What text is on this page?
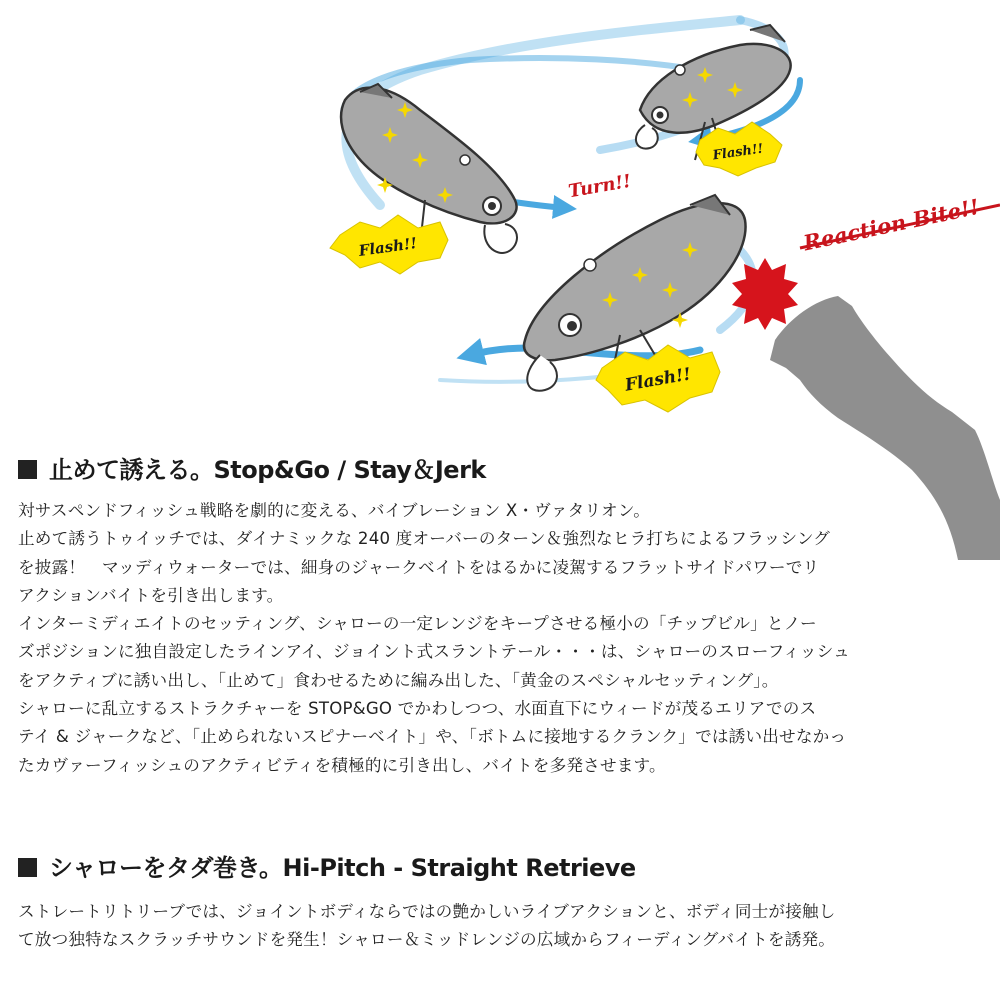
Flash!!
Flash!!
Flash!!
Turn!!
Reaction Bite!!
止めて誘える。Stop&Go / Stay＆Jerk

対サスペンドフィッシュ戦略を劇的に変える、バイブレーション X・ヴァタリオン。

止めて誘うトゥイッチでは、ダイナミックな 240 度オーバーのターン＆強烈なヒラ打ちによるフラッシング

を披露！　マッディウォーターでは、細身のジャークベイトをはるかに凌駕するフラットサイドパワーでリ

アクションバイトを引き出します。

インターミディエイトのセッティング、シャローの一定レンジをキープさせる極小の「チップビル」とノー

ズポジションに独自設定したラインアイ、ジョイント式スラントテール・・・は、シャローのスローフィッシュ

をアクティブに誘い出し、「止めて」食わせるために編み出した、「黄金のスペシャルセッティング」。

シャローに乱立するストラクチャーを STOP&GO でかわしつつ、水面直下にウィードが茂るエリアでのス

テイ & ジャークなど、「止められないスピナーベイト」や、「ボトムに接地するクランク」では誘い出せなかっ

たカヴァーフィッシュのアクティビティを積極的に引き出し、バイトを多発させます。

シャローをタダ巻き。Hi-Pitch - Straight Retrieve

ストレートリトリーブでは、ジョイントボディならではの艶かしいライブアクションと、ボディ同士が接触し

て放つ独特なスクラッチサウンドを発生！シャロー＆ミッドレンジの広域からフィーディングバイトを誘発。
